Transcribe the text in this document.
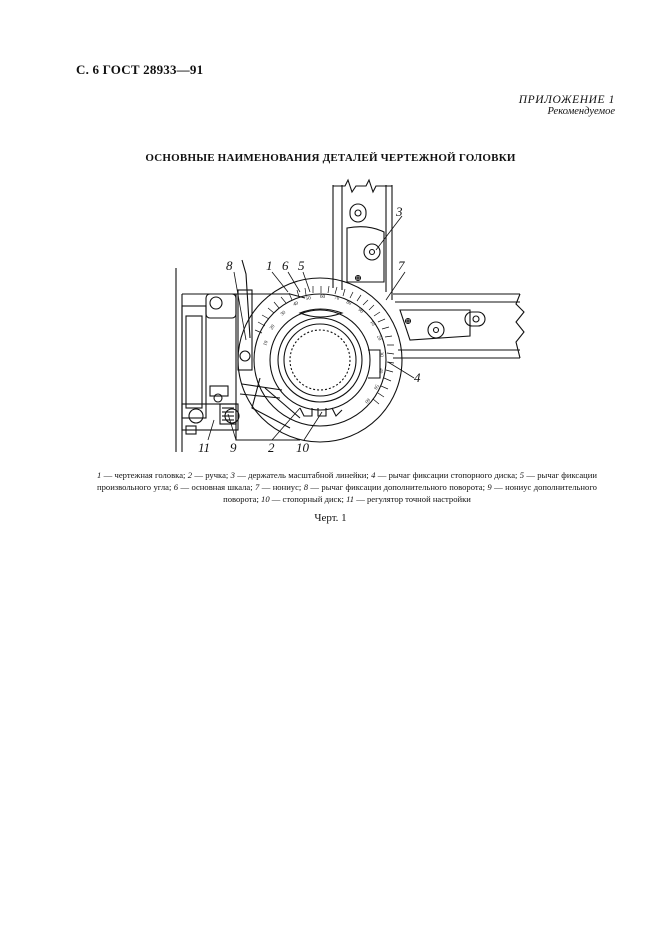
С. 6 ГОСТ 28933—91
ПРИЛОЖЕНИЕ 1
Рекомендуемое
ОСНОВНЫЕ НАИМЕНОВАНИЯ ДЕТАЛЕЙ ЧЕРТЕЖНОЙ ГОЛОВКИ
10
20
30
40
50 60 70
80
90
10
20
30
40
50
60
8	1 6 5
3
7
4
11 9 2 10
1 — чертежная головка; 2 — ручка; 3 — держатель масштабной линейки; 4 — рычаг фиксации стопорного диска; 5 — рычаг фиксации произвольного угла; 6 — основная шкала; 7 — нониус; 8 — рычаг фиксации дополнительного поворота; 9 — нониус дополнительного поворота; 10 — стопорный диск; 11 — регулятор точной настройки
Черт. 1
